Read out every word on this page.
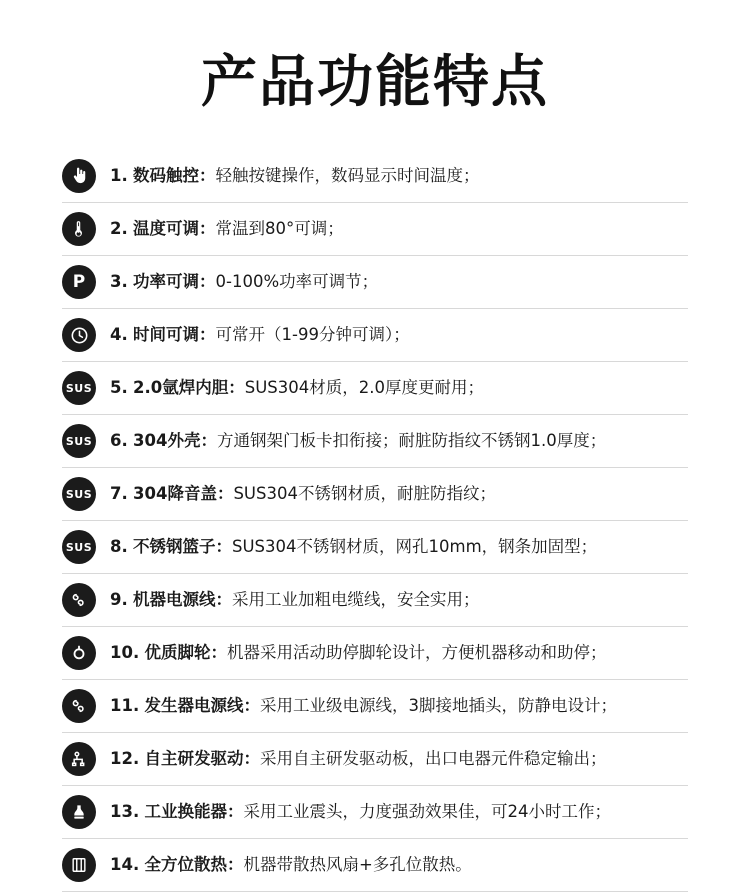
产品功能特点
1. 数码触控：轻触按键操作，数码显示时间温度；
2. 温度可调：常温到80°可调；
P 3. 功率可调：0-100%功率可调节；
4. 时间可调：可常开（1-99分钟可调）；
SUS 5. 2.0氩焊内胆：SUS304材质，2.0厚度更耐用；
SUS 6. 304外壳：方通钢架门板卡扣衔接；耐脏防指纹不锈钢1.0厚度；
SUS 7. 304降音盖：SUS304不锈钢材质，耐脏防指纹；
SUS 8. 不锈钢篮子：SUS304不锈钢材质，网孔10mm，钢条加固型；
9. 机器电源线：采用工业加粗电缆线，安全实用；
10. 优质脚轮：机器采用活动助停脚轮设计，方便机器移动和助停；
11. 发生器电源线：采用工业级电源线，3脚接地插头，防静电设计；
12. 自主研发驱动：采用自主研发驱动板，出口电器元件稳定输出；
13. 工业换能器：采用工业震头，力度强劲效果佳，可24小时工作；
14. 全方位散热：机器带散热风扇+多孔位散热。
